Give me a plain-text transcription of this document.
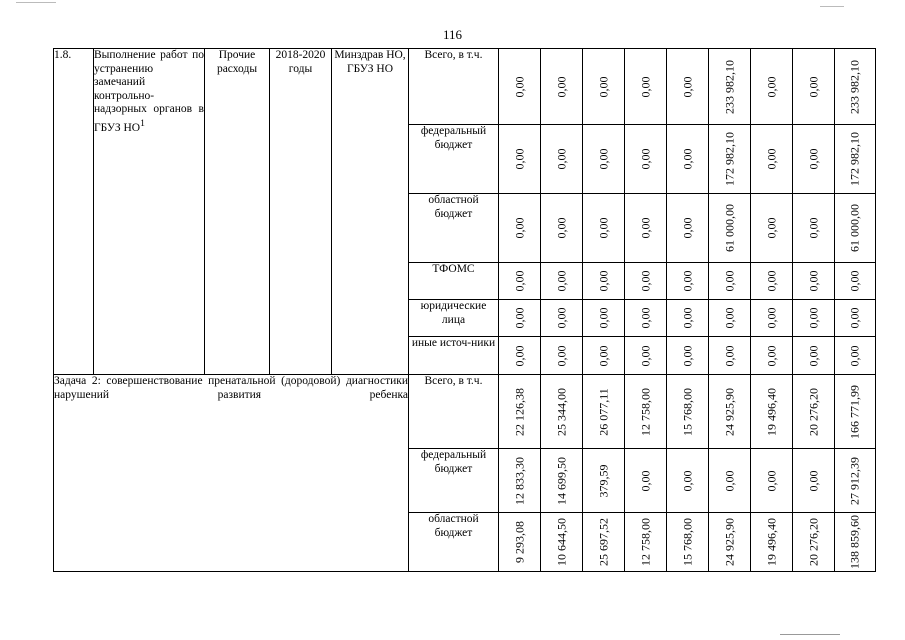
116
1.8.	Выполнение работ по устранению замечаний контрольно-надзорных органов в ГБУЗ $НО^1$	Прочие расходы	2018-2020 годы	Минздрав НО, ГБУЗ НО	Всего, в т.ч.	0,00	0,00	0,00	0,00	0,00	233 982,10	0,00	0,00	233 982,10

					федеральный бюджет	0,00	0,00	0,00	0,00	0,00	172 982,10	0,00	0,00	172 982,10

					областной бюджет	0,00	0,00	0,00	0,00	0,00	61 000,00	0,00	0,00	61 000,00

					ТФОМС	0,00	0,00	0,00	0,00	0,00	0,00	0,00	0,00	0,00

					юридические лица	0,00	0,00	0,00	0,00	0,00	0,00	0,00	0,00	0,00

					иные источ-ники	0,00	0,00	0,00	0,00	0,00	0,00	0,00	0,00	0,00

Задача 2: совершенствование пренатальной (дородовой) диагностики нарушений развития ребенка					Всего, в т.ч.	22 126,38	25 344,00	26 077,11	12 758,00	15 768,00	24 925,90	19 496,40	20 276,20	166 771,99

					федеральный бюджет	12 833,30	14 699,50	379,59	0,00	0,00	0,00	0,00	0,00	27 912,39

					областной бюджет	9 293,08	10 644,50	25 697,52	12 758,00	15 768,00	24 925,90	19 496,40	20 276,20	138 859,60
